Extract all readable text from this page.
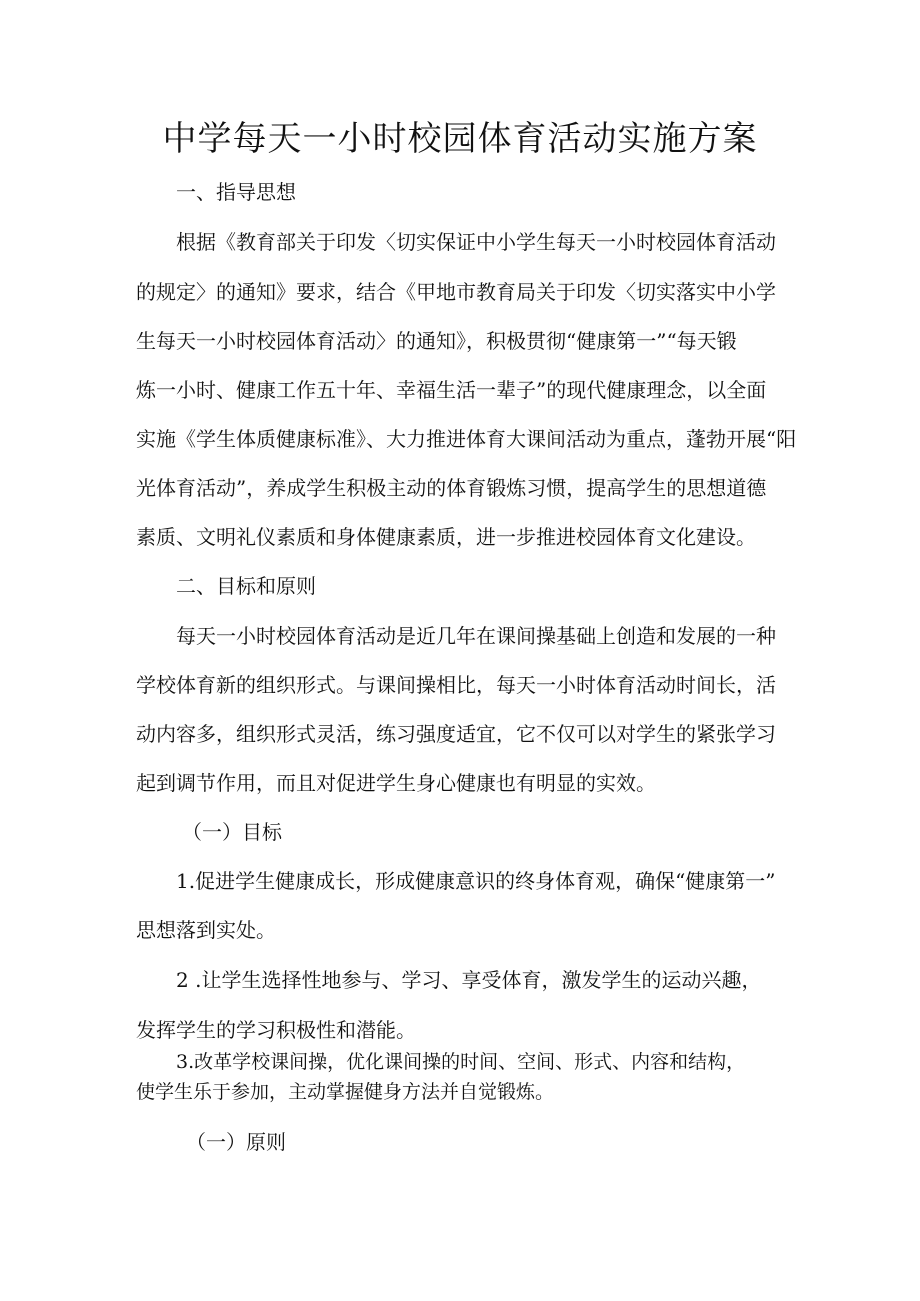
中学每天一小时校园体育活动实施方案
一、指导思想
根据《教育部关于印发〈切实保证中小学生每天一小时校园体育活动
的规定〉的通知》要求，结合《甲地市教育局关于印发〈切实落实中小学
生每天一小时校园体育活动〉的通知》，积极贯彻“健康第一”“每天锻
炼一小时、健康工作五十年、幸福生活一辈子”的现代健康理念，以全面
实施《学生体质健康标准》、大力推进体育大课间活动为重点，蓬勃开展“阳
光体育活动”，养成学生积极主动的体育锻炼习惯，提高学生的思想道德
素质、文明礼仪素质和身体健康素质，进一步推进校园体育文化建设。
二、目标和原则
每天一小时校园体育活动是近几年在课间操基础上创造和发展的一种
学校体育新的组织形式。与课间操相比，每天一小时体育活动时间长，活
动内容多，组织形式灵活，练习强度适宜，它不仅可以对学生的紧张学习
起到调节作用，而且对促进学生身心健康也有明显的实效。
（一）目标
1.促进学生健康成长，形成健康意识的终身体育观，确保“健康第一”
思想落到实处。
2 .让学生选择性地参与、学习、享受体育，激发学生的运动兴趣，
发挥学生的学习积极性和潜能。
3.改革学校课间操，优化课间操的时间、空间、形式、内容和结构，
使学生乐于参加，主动掌握健身方法并自觉锻炼。
（一）原则
